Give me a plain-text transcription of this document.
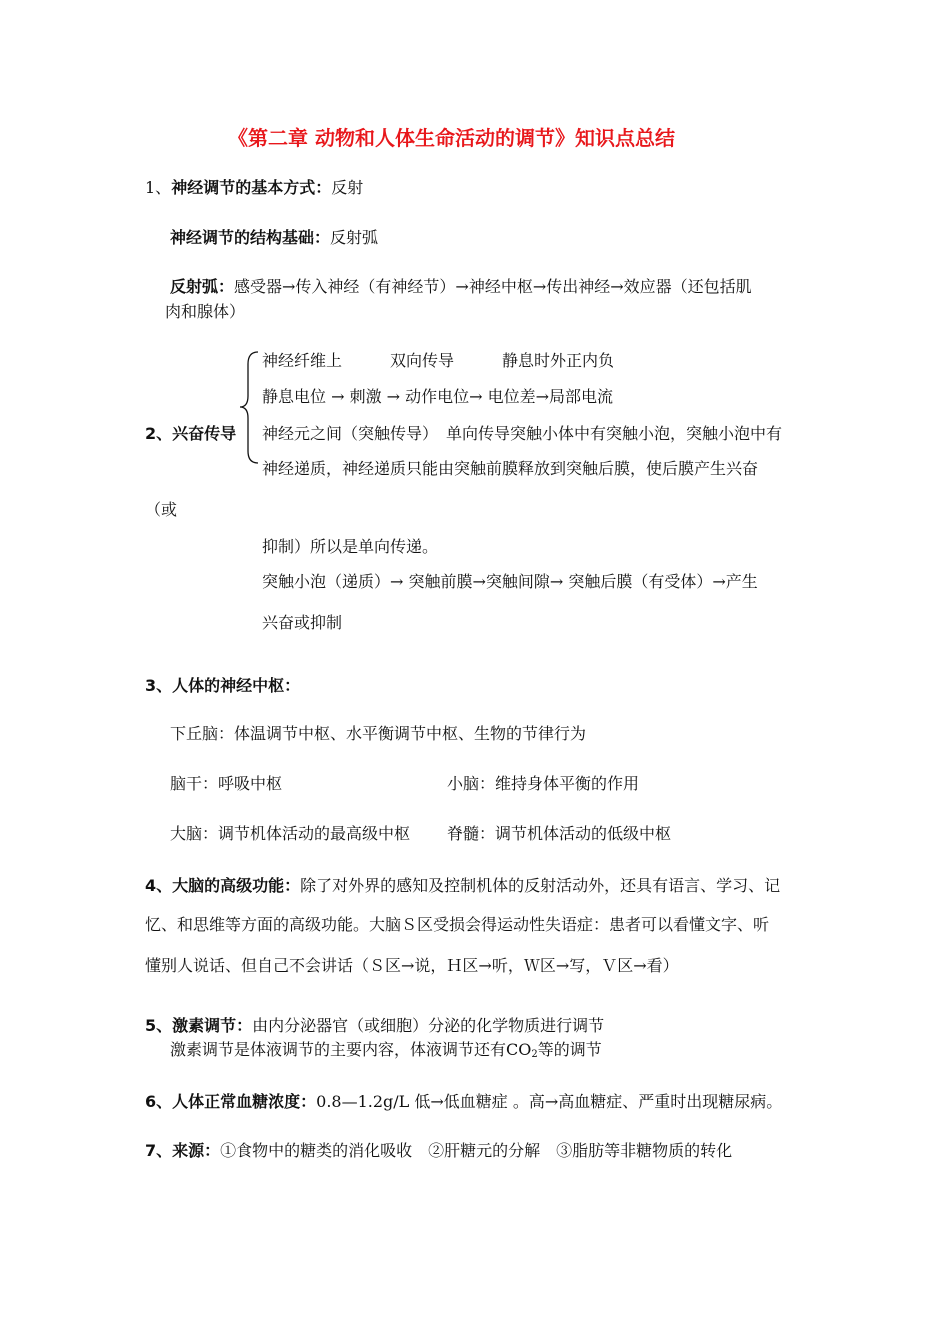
《第二章 动物和人体生命活动的调节》知识点总结
1、神经调节的基本方式：反射
神经调节的结构基础：反射弧
反射弧：感受器→传入神经（有神经节）→神经中枢→传出神经→效应器（还包括肌
肉和腺体）
2、兴奋传导
神经纤维上　　　双向传导　　　静息时外正内负
静息电位 → 刺激 → 动作电位→ 电位差→局部电流
神经元之间（突触传导）　单向传导突触小体中有突触小泡，突触小泡中有
神经递质，神经递质只能由突触前膜释放到突触后膜，使后膜产生兴奋
（或
抑制）所以是单向传递。
突触小泡（递质）→ 突触前膜→突触间隙→ 突触后膜（有受体）→产生
兴奋或抑制
3、人体的神经中枢：
下丘脑：体温调节中枢、水平衡调节中枢、生物的节律行为
脑干：呼吸中枢	小脑：维持身体平衡的作用
大脑：调节机体活动的最高级中枢 脊髓：调节机体活动的低级中枢
4、大脑的高级功能：除了对外界的感知及控制机体的反射活动外，还具有语言、学习、记
忆、和思维等方面的高级功能。大脑Ｓ区受损会得运动性失语症：患者可以看懂文字、听
懂别人说话、但自己不会讲话（Ｓ区→说，Ｈ区→听，Ｗ区→写，Ｖ区→看）
5、激素调节：由内分泌器官（或细胞）分泌的化学物质进行调节
激素调节是体液调节的主要内容，体液调节还有$CO_2$等的调节
6、人体正常血糖浓度：0.8—1.2g/L 低→低血糖症 。高→高血糖症、严重时出现糖尿病。
7、来源：①食物中的糖类的消化吸收　②肝糖元的分解　③脂肪等非糖物质的转化
